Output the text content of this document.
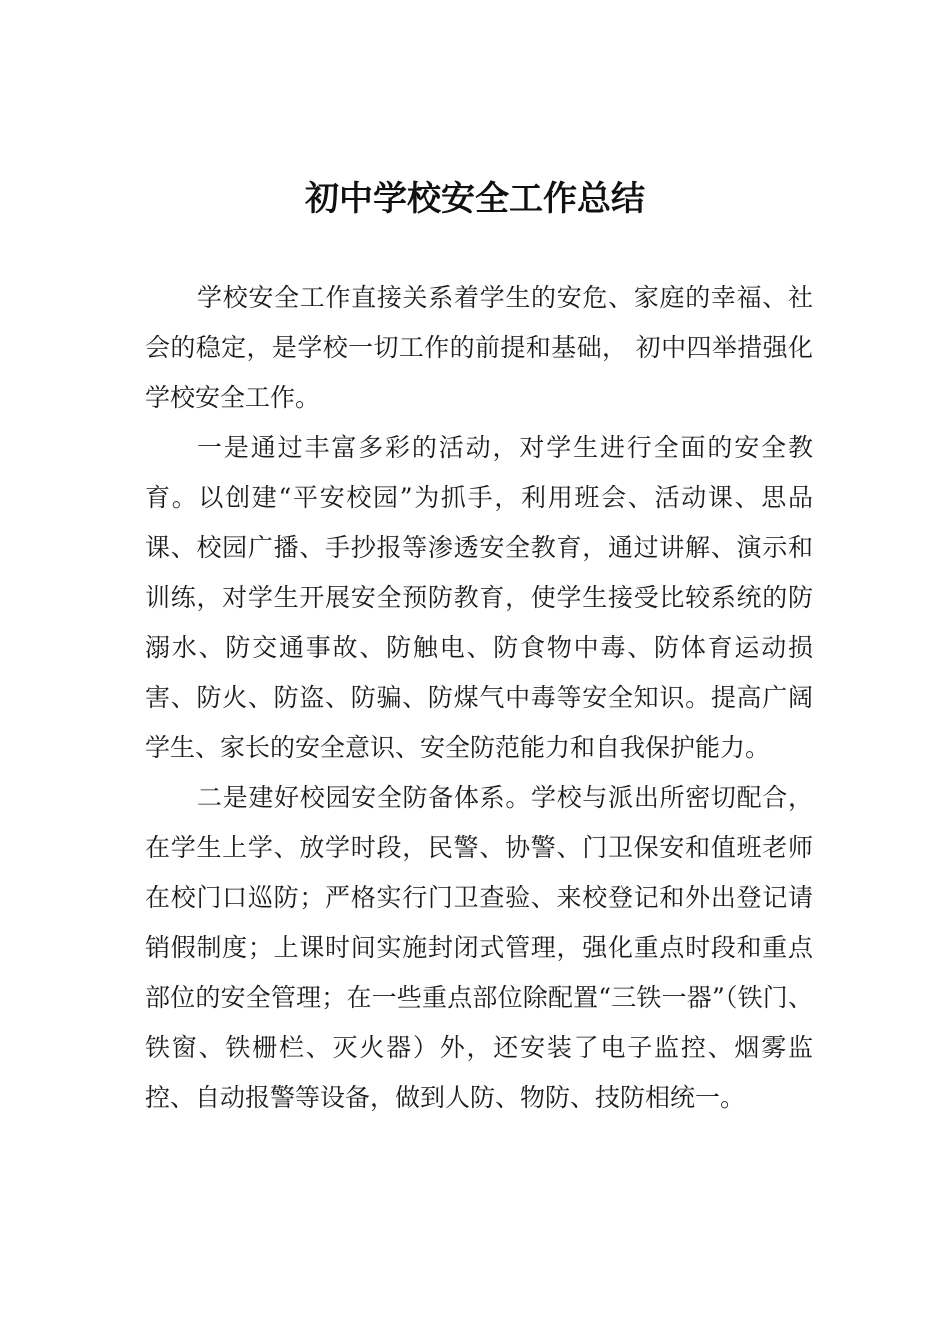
初中学校安全工作总结

学校安全工作直接关系着学生的安危、家庭的幸福、社会的稳定，是学校一切工作的前提和基础， 初中四举措强化学校安全工作。

一是通过丰富多彩的活动，对学生进行全面的安全教育。以创建“平安校园”为抓手，利用班会、活动课、思品课、校园广播、手抄报等渗透安全教育，通过讲解、演示和训练，对学生开展安全预防教育，使学生接受比较系统的防溺水、防交通事故、防触电、防食物中毒、防体育运动损害、防火、防盗、防骗、防煤气中毒等安全知识。提高广阔学生、家长的安全意识、安全防范能力和自我保护能力。

二是建好校园安全防备体系。学校与派出所密切配合，在学生上学、放学时段，民警、协警、门卫保安和值班老师在校门口巡防；严格实行门卫查验、来校登记和外出登记请销假制度；上课时间实施封闭式管理，强化重点时段和重点部位的安全管理；在一些重点部位除配置“三铁一器”（铁门、铁窗、铁栅栏、灭火器）外，还安装了电子监控、烟雾监控、自动报警等设备，做到人防、物防、技防相统一。
